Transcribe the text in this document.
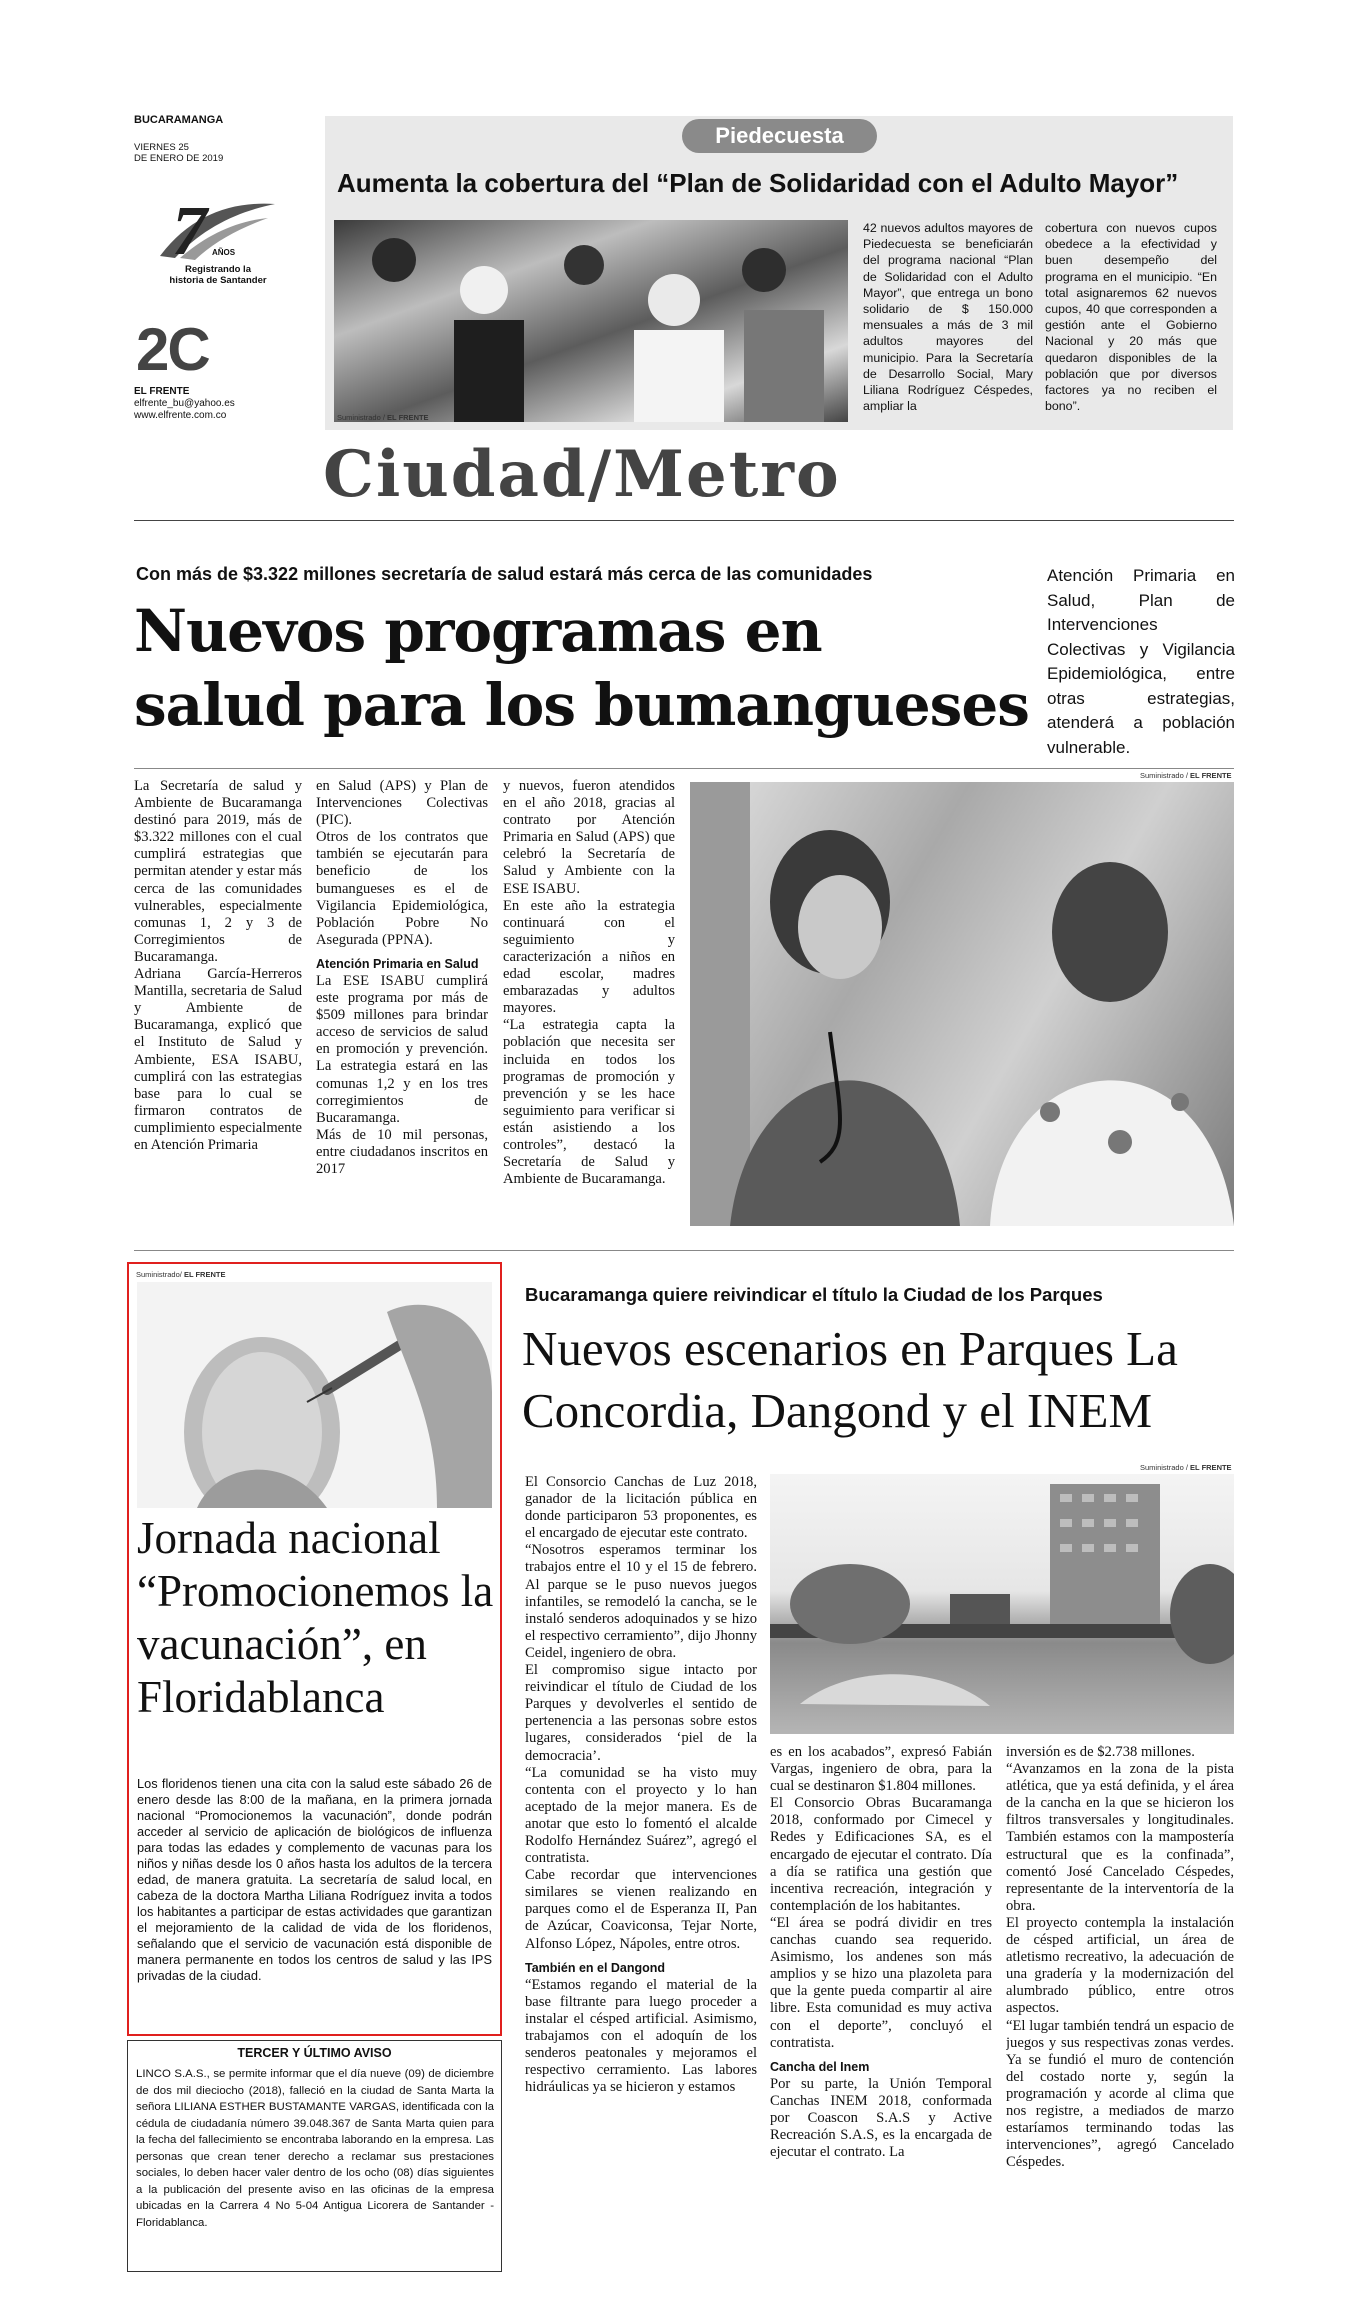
BUCARAMANGA
VIERNES 25
DE ENERO DE 2019
7 AÑOS
Registrando la historia de Santander
2C
EL FRENTE
elfrente_bu@yahoo.es
www.elfrente.com.co
Piedecuesta
Aumenta la cobertura del “Plan de Solidaridad con el Adulto Mayor”
Suministrado / EL FRENTE
42 nuevos adultos mayores de Piedecuesta se beneficiarán del programa nacional “Plan de Solidaridad con el Adulto Mayor”, que entrega un bono solidario de $ 150.000 mensuales a más de 3 mil adultos mayores del municipio. Para la Secretaría de Desarrollo Social, Mary Liliana Rodríguez Céspedes, ampliar la
cobertura con nuevos cupos obedece a la efectividad y buen desempeño del programa en el municipio. “En total asignaremos 62 nuevos cupos, 40 que corresponden a gestión ante el Gobierno Nacional y 20 más que quedaron disponibles de la población que por diversos factores ya no reciben el bono”.
Ciudad/Metro
Con más de $3.322 millones secretaría de salud estará más cerca de las comunidades
Nuevos programas en
salud para los bumangueses
Atención Primaria en Salud, Plan de Intervenciones Colectivas y Vigilancia Epidemiológica, entre otras estrategias, atenderá a población vulnerable.
La Secretaría de salud y Ambiente de Bucaramanga destinó para 2019, más de $3.322 millones con el cual cumplirá estrategias que permitan atender y estar más cerca de las comunidades vulnerables, especialmente comunas 1, 2 y 3 de Corregimientos de Bucaramanga.
Adriana García-Herreros Mantilla, secretaria de Salud y Ambiente de Bucaramanga, explicó que el Instituto de Salud y Ambiente, ESA ISABU, cumplirá con las estrategias base para lo cual se firmaron contratos de cumplimiento especialmente en Atención Primaria
en Salud (APS) y Plan de Intervenciones Colectivas (PIC).
Otros de los contratos que también se ejecutarán para beneficio de los bumangueses es el de Vigilancia Epidemiológica, Población Pobre No Asegurada (PPNA).
Atención Primaria en Salud
La ESE ISABU cumplirá este programa por más de $509 millones para brindar acceso de servicios de salud en promoción y prevención. La estrategia estará en las comunas 1,2 y en los tres corregimientos de Bucaramanga.
Más de 10 mil personas, entre ciudadanos inscritos en 2017
y nuevos, fueron atendidos en el año 2018, gracias al contrato por Atención Primaria en Salud (APS) que celebró la Secretaría de Salud y Ambiente con la ESE ISABU.
En este año la estrategia continuará con el seguimiento y caracterización a niños en edad escolar, madres embarazadas y adultos mayores.
“La estrategia capta la población que necesita ser incluida en todos los programas de promoción y prevención y se les hace seguimiento para verificar si están asistiendo a los controles”, destacó la Secretaría de Salud y Ambiente de Bucaramanga.
Suministrado / EL FRENTE
Suministrado/ EL FRENTE
Jornada nacional “Promocionemos la vacunación”, en Floridablanca
Los floridenos tienen una cita con la salud este sábado 26 de enero desde las 8:00 de la mañana, en la primera jornada nacional “Promocionemos la vacunación”, donde podrán acceder al servicio de aplicación de biológicos de influenza para todas las edades y complemento de vacunas para los niños y niñas desde los 0 años hasta los adultos de la tercera edad, de manera gratuita. La secretaría de salud local, en cabeza de la doctora Martha Liliana Rodríguez invita a todos los habitantes a participar de estas actividades que garantizan el mejoramiento de la calidad de vida de los floridenos, señalando que el servicio de vacunación está disponible de manera permanente en todos los centros de salud y las IPS privadas de la ciudad.
TERCER Y ÚLTIMO AVISO
LINCO S.A.S., se permite informar que el día nueve (09) de diciembre de dos mil dieciocho (2018), falleció en la ciudad de Santa Marta la señora LILIANA ESTHER BUSTAMANTE VARGAS, identificada con la cédula de ciudadanía número 39.048.367 de Santa Marta quien para la fecha del fallecimiento se encontraba laborando en la empresa. Las personas que crean tener derecho a reclamar sus prestaciones sociales, lo deben hacer valer dentro de los ocho (08) días siguientes a la publicación del presente aviso en las oficinas de la empresa ubicadas en la Carrera 4 No 5-04 Antigua Licorera de Santander - Floridablanca.
Bucaramanga quiere reivindicar el título la Ciudad de los Parques
Nuevos escenarios en Parques La
Concordia, Dangond y el INEM
Suministrado / EL FRENTE
El Consorcio Canchas de Luz 2018, ganador de la licitación pública en donde participaron 53 proponentes, es el encargado de ejecutar este contrato.
“Nosotros esperamos terminar los trabajos entre el 10 y el 15 de febrero. Al parque se le puso nuevos juegos infantiles, se remodeló la cancha, se le instaló senderos adoquinados y se hizo el respectivo cerramiento”, dijo Jhonny Ceidel, ingeniero de obra.
El compromiso sigue intacto por reivindicar el título de Ciudad de los Parques y devolverles el sentido de pertenencia a las personas sobre estos lugares, considerados ‘piel de la democracia’.
“La comunidad se ha visto muy contenta con el proyecto y lo han aceptado de la mejor manera. Es de anotar que esto lo fomentó el alcalde Rodolfo Hernández Suárez”, agregó el contratista.
Cabe recordar que intervenciones similares se vienen realizando en parques como el de Esperanza II, Pan de Azúcar, Coaviconsa, Tejar Norte, Alfonso López, Nápoles, entre otros.
También en el Dangond
“Estamos regando el material de la base filtrante para luego proceder a instalar el césped artificial. Asimismo, trabajamos con el adoquín de los senderos peatonales y mejoramos el respectivo cerramiento. Las labores hidráulicas ya se hicieron y estamos
es en los acabados”, expresó Fabián Vargas, ingeniero de obra, para la cual se destinaron $1.804 millones.
El Consorcio Obras Bucaramanga 2018, conformado por Cimecel y Redes y Edificaciones SA, es el encargado de ejecutar el contrato. Día a día se ratifica una gestión que incentiva recreación, integración y contemplación de los habitantes.
“El área se podrá dividir en tres canchas cuando sea requerido. Asimismo, los andenes son más amplios y se hizo una plazoleta para que la gente pueda compartir al aire libre. Esta comunidad es muy activa con el deporte”, concluyó el contratista.
Cancha del Inem
Por su parte, la Unión Temporal Canchas INEM 2018, conformada por Coascon S.A.S y Active Recreación S.A.S, es la encargada de ejecutar el contrato. La
inversión es de $2.738 millones.
“Avanzamos en la zona de la pista atlética, que ya está definida, y el área de la cancha en la que se hicieron los filtros transversales y longitudinales. También estamos con la mampostería estructural que es la confinada”, comentó José Cancelado Céspedes, representante de la interventoría de la obra.
El proyecto contempla la instalación de césped artificial, un área de atletismo recreativo, la adecuación de una gradería y la modernización del alumbrado público, entre otros aspectos.
“El lugar también tendrá un espacio de juegos y sus respectivas zonas verdes. Ya se fundió el muro de contención del costado norte y, según la programación y acorde al clima que nos registre, a mediados de marzo estaríamos terminando todas las intervenciones”, agregó Cancelado Céspedes.
